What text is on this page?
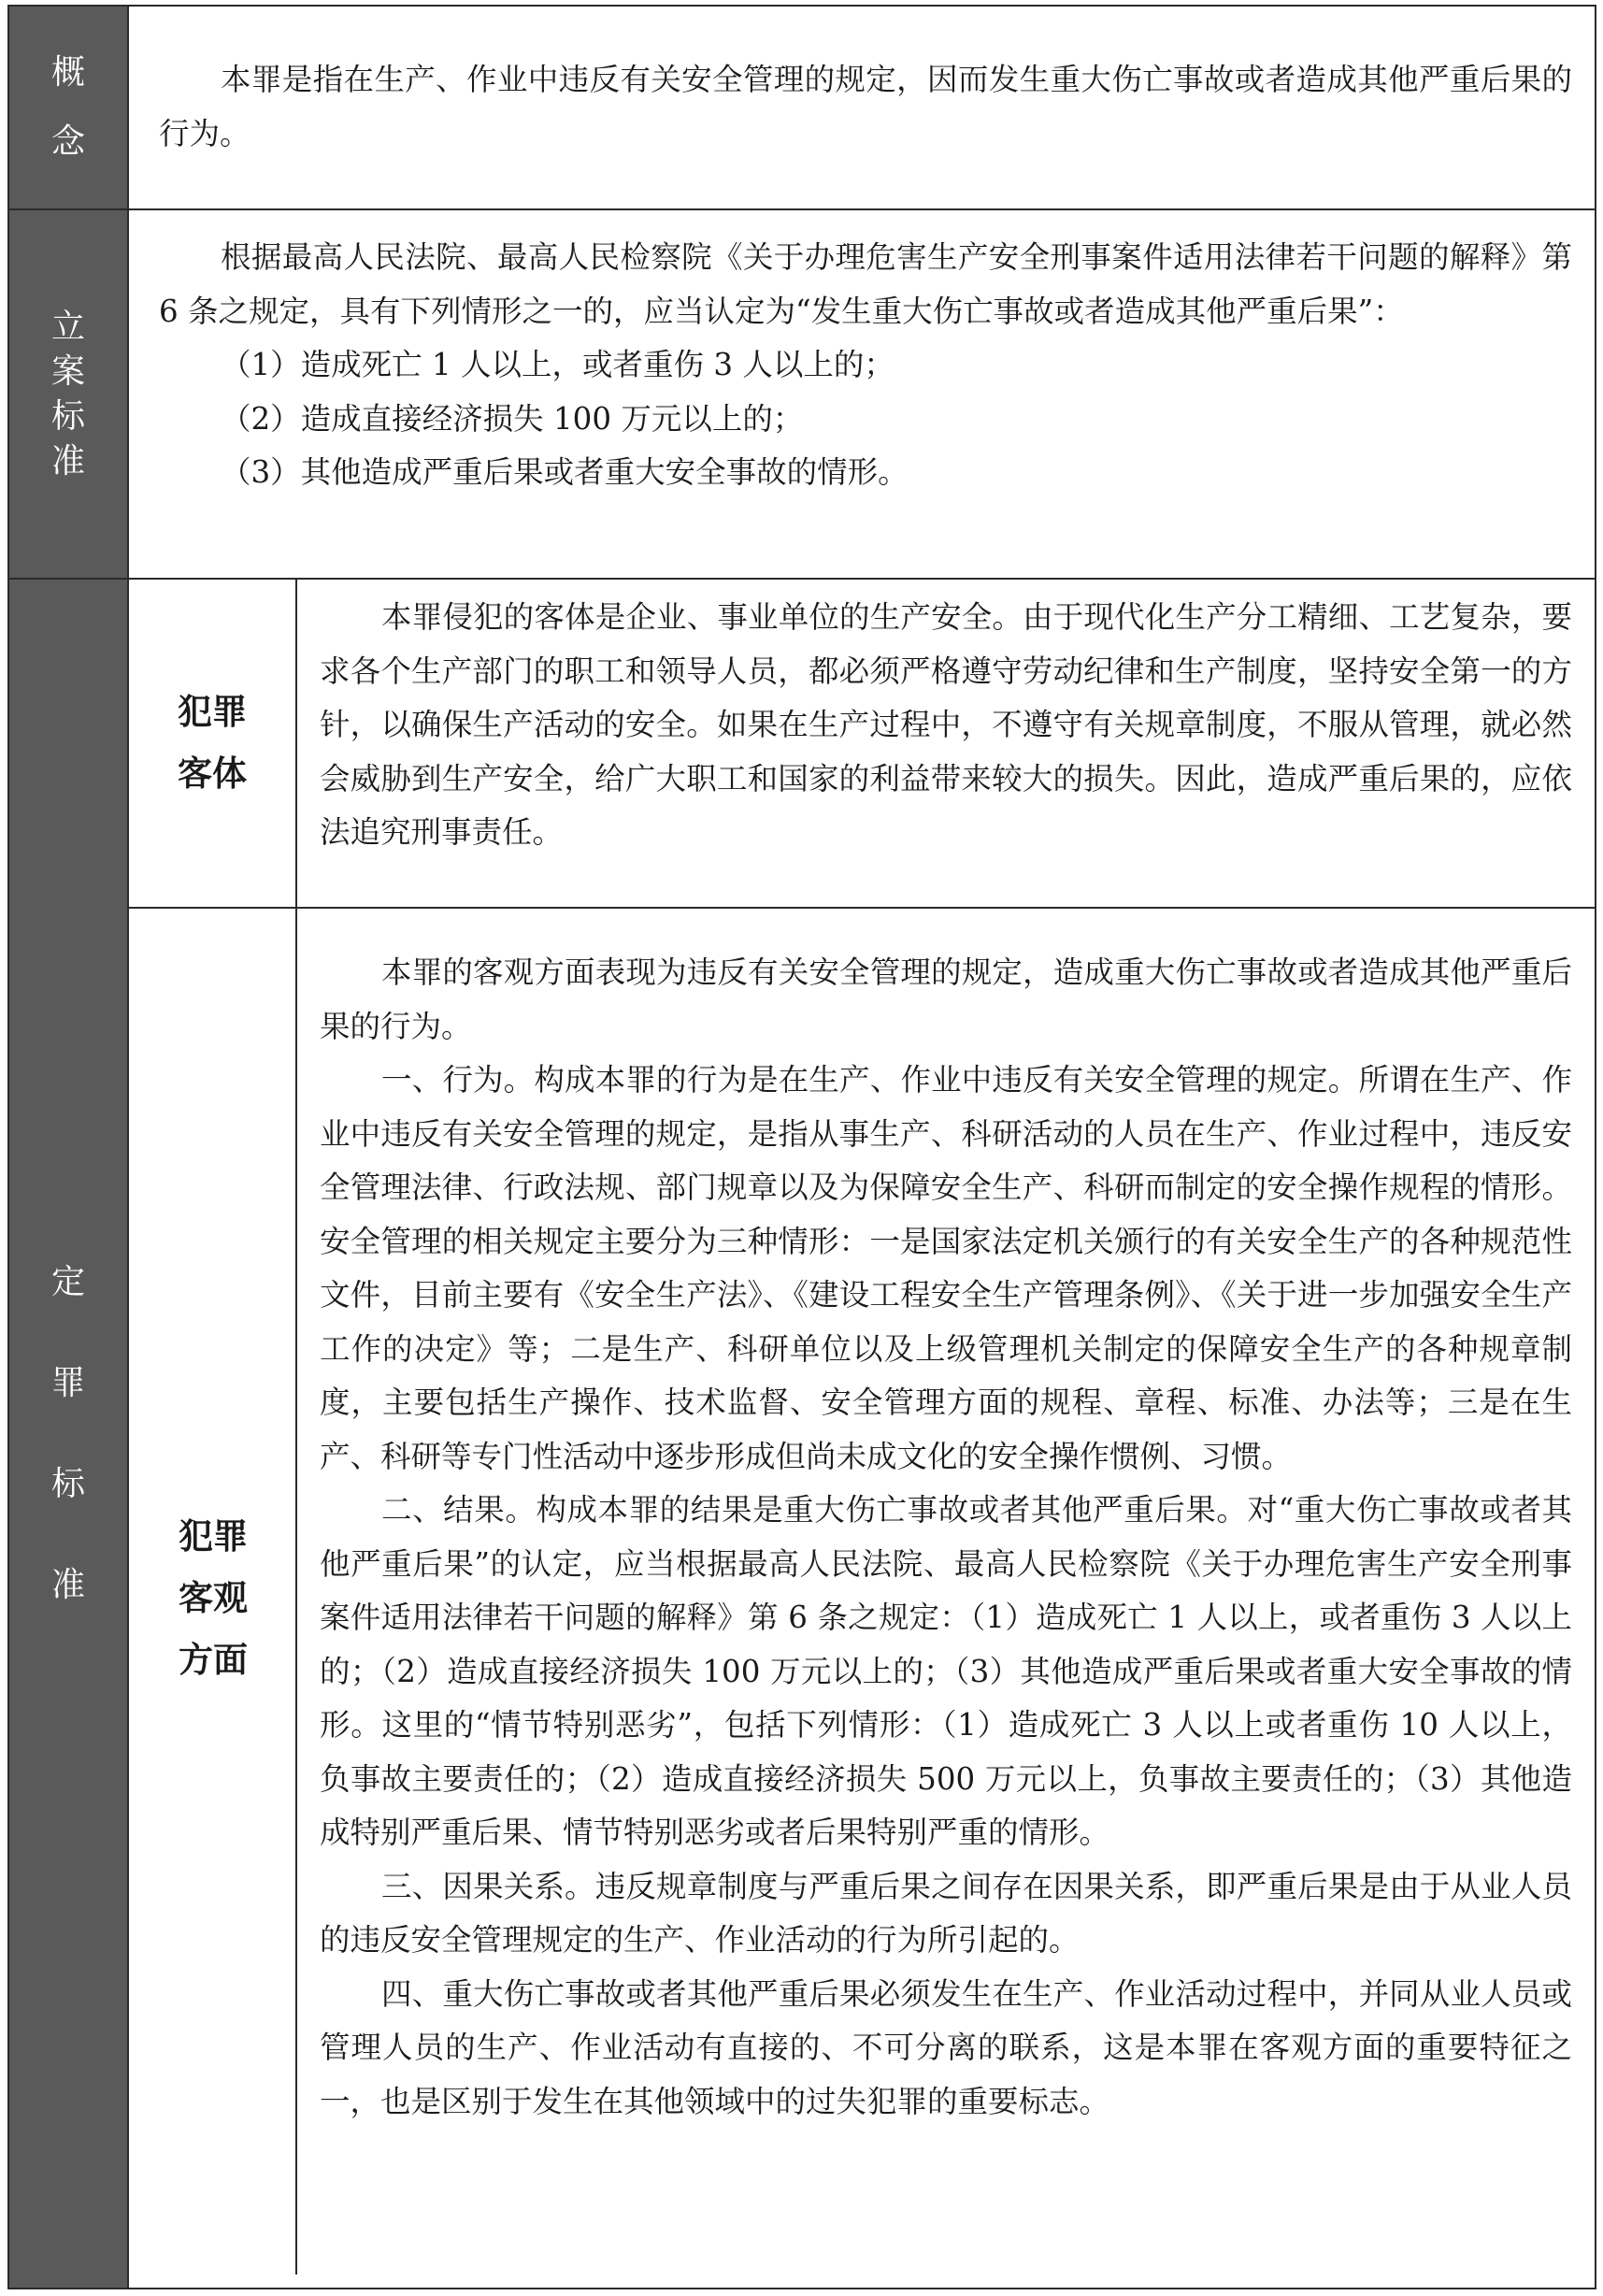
概
念

本罪是指在生产、作业中违反有关安全管理的规定，因而发生重大伤亡事故或者造成其他严重后果的行为。

立
案
标
准

根据最高人民法院、最高人民检察院《关于办理危害生产安全刑事案件适用法律若干问题的解释》第 6 条之规定，具有下列情形之一的，应当认定为“发生重大伤亡事故或者造成其他严重后果”：

（1）造成死亡 1 人以上，或者重伤 3 人以上的；

（2）造成直接经济损失 100 万元以上的；

（3）其他造成严重后果或者重大安全事故的情形。

定
罪
标
准
犯罪
客体

本罪侵犯的客体是企业、事业单位的生产安全。由于现代化生产分工精细、工艺复杂，要求各个生产部门的职工和领导人员，都必须严格遵守劳动纪律和生产制度，坚持安全第一的方针，以确保生产活动的安全。如果在生产过程中，不遵守有关规章制度，不服从管理，就必然会威胁到生产安全，给广大职工和国家的利益带来较大的损失。因此，造成严重后果的，应依法追究刑事责任。

犯罪
客观
方面

本罪的客观方面表现为违反有关安全管理的规定，造成重大伤亡事故或者造成其他严重后果的行为。

一、行为。构成本罪的行为是在生产、作业中违反有关安全管理的规定。所谓在生产、作业中违反有关安全管理的规定，是指从事生产、科研活动的人员在生产、作业过程中，违反安全管理法律、行政法规、部门规章以及为保障安全生产、科研而制定的安全操作规程的情形。安全管理的相关规定主要分为三种情形：一是国家法定机关颁行的有关安全生产的各种规范性文件，目前主要有《安全生产法》、《建设工程安全生产管理条例》、《关于进一步加强安全生产工作的决定》等；二是生产、科研单位以及上级管理机关制定的保障安全生产的各种规章制度，主要包括生产操作、技术监督、安全管理方面的规程、章程、标准、办法等；三是在生产、科研等专门性活动中逐步形成但尚未成文化的安全操作惯例、习惯。

二、结果。构成本罪的结果是重大伤亡事故或者其他严重后果。对“重大伤亡事故或者其他严重后果”的认定，应当根据最高人民法院、最高人民检察院《关于办理危害生产安全刑事案件适用法律若干问题的解释》第 6 条之规定：（1）造成死亡 1 人以上，或者重伤 3 人以上的；（2）造成直接经济损失 100 万元以上的；（3）其他造成严重后果或者重大安全事故的情形。这里的“情节特别恶劣”，包括下列情形：（1）造成死亡 3 人以上或者重伤 10 人以上，负事故主要责任的；（2）造成直接经济损失 500 万元以上，负事故主要责任的；（3）其他造成特别严重后果、情节特别恶劣或者后果特别严重的情形。

三、因果关系。违反规章制度与严重后果之间存在因果关系，即严重后果是由于从业人员的违反安全管理规定的生产、作业活动的行为所引起的。

四、重大伤亡事故或者其他严重后果必须发生在生产、作业活动过程中，并同从业人员或管理人员的生产、作业活动有直接的、不可分离的联系，这是本罪在客观方面的重要特征之一，也是区别于发生在其他领域中的过失犯罪的重要标志。
